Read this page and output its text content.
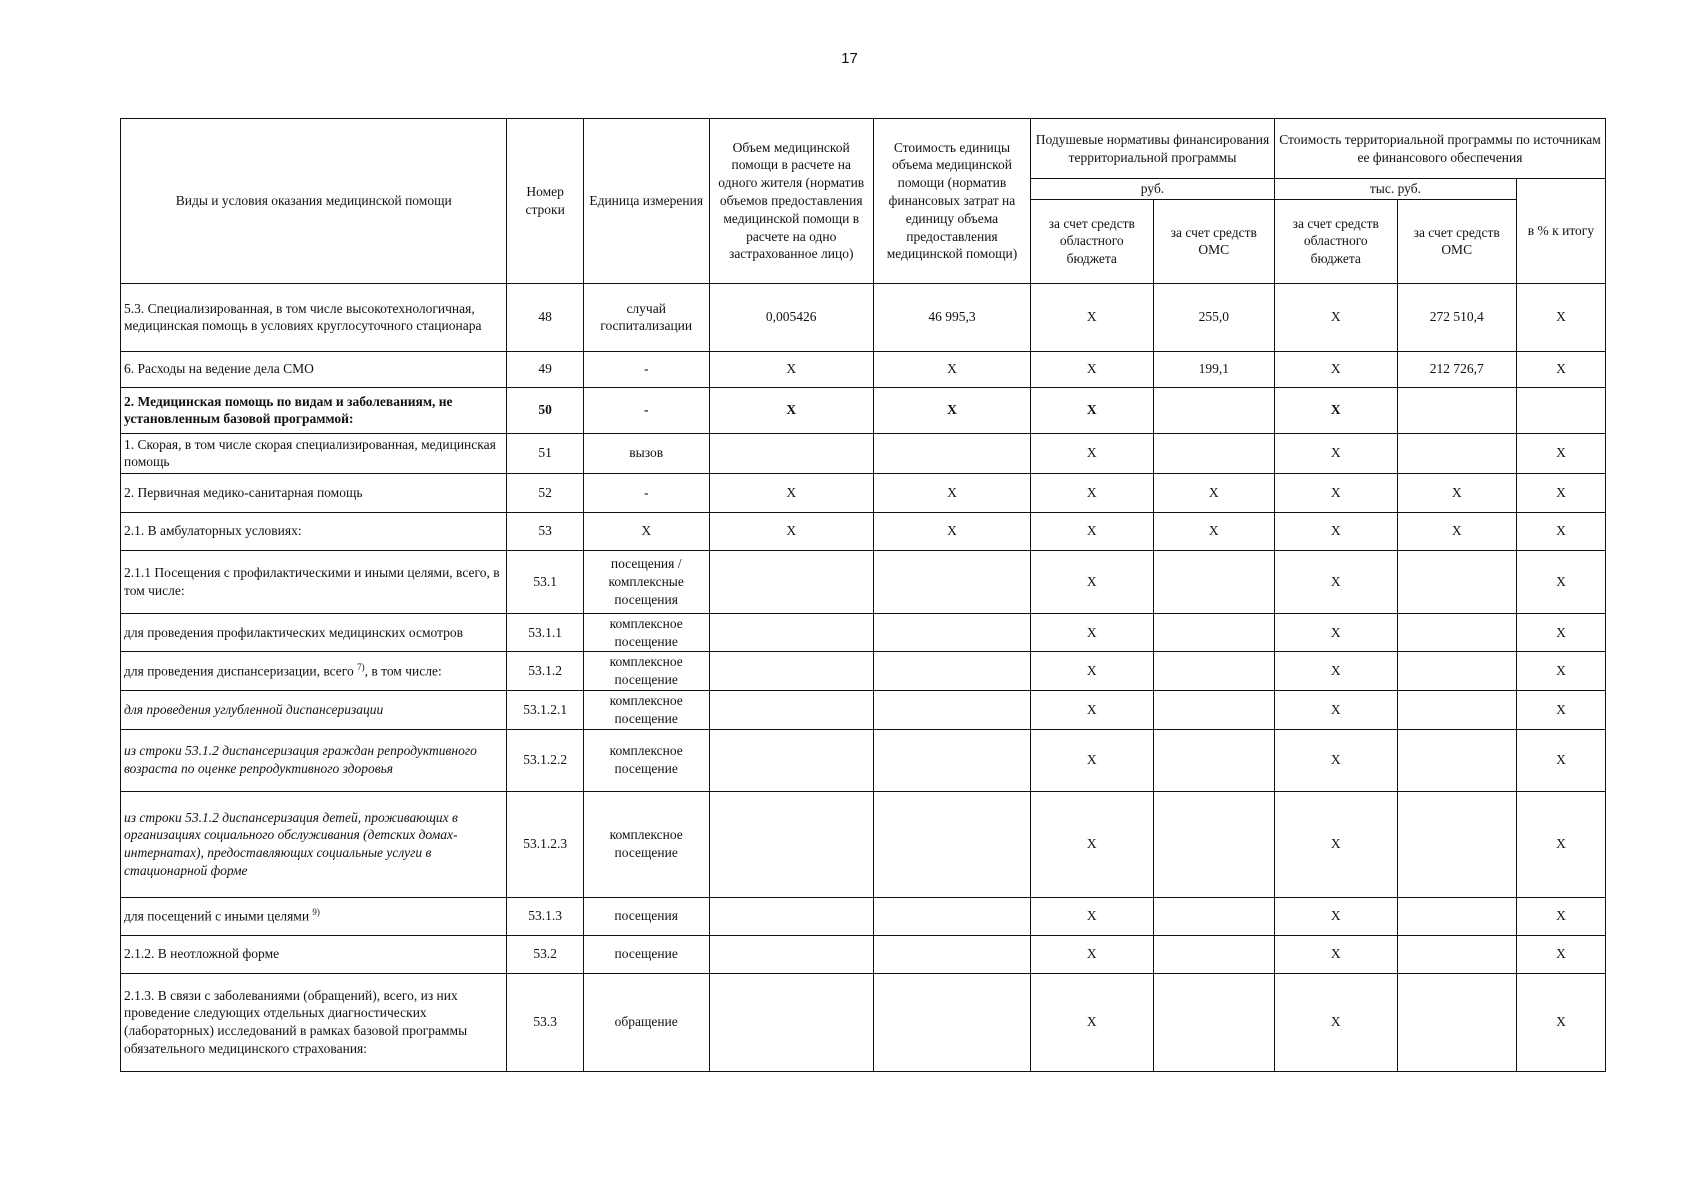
17
Виды и условия оказания медицинской помощи	Номер строки	Единица измерения	Объем медицинской помощи в расчете на одного жителя (норматив объемов предоставления медицинской помощи в расчете на одно застрахованное лицо)	Стоимость единицы объема медицинской помощи (норматив финансовых затрат на единицу объема предоставления медицинской помощи)	Подушевые нормативы финансирования территориальной программы		Стоимость территориальной программы по источникам ее финансового обеспечения		
					руб.		тыс. руб.		в % к итогу
					за счет средств областного бюджета	за счет средств ОМС	за счет средств областного бюджета	за счет средств ОМС	
5.3. Специализированная, в том числе высокотехнологичная, медицинская помощь в условиях круглосуточного стационара	48	случай госпитализации	0,005426	46 995,3	X	255,0	X	272 510,4	X
6. Расходы на ведение дела СМО	49	-	X	X	X	199,1	X	212 726,7	X
2. Медицинская помощь по видам и заболеваниям, не установленным базовой программой:	50	-	X	X	X		X		
1. Скорая, в том числе скорая специализированная, медицинская помощь	51	вызов			X		X		X
2. Первичная медико-санитарная помощь	52	-	X	X	X	X	X	X	X
2.1. В амбулаторных условиях:	53	X	X	X	X	X	X	X	X
2.1.1 Посещения с профилактическими и иными целями, всего, в том числе:	53.1	посещения / комплексные посещения			X		X		X
для проведения профилактических медицинских осмотров	53.1.1	комплексное посещение			X		X		X
для проведения диспансеризации, всего $^{7)}$, в том числе:	53.1.2	комплексное посещение			X		X		X
для проведения углубленной диспансеризации	53.1.2.1	комплексное посещение			X		X		X
из строки 53.1.2 диспансеризация граждан репродуктивного возраста по оценке репродуктивного здоровья	53.1.2.2	комплексное посещение			X		X		X
из строки 53.1.2 диспансеризация детей, проживающих в организациях социального обслуживания (детских домах-интернатах), предоставляющих социальные услуги в стационарной форме	53.1.2.3	комплексное посещение			X		X		X
для посещений с иными целями $^{9)}$	53.1.3	посещения			X		X		X
2.1.2. В неотложной форме	53.2	посещение			X		X		X
2.1.3. В связи с заболеваниями (обращений), всего, из них проведение следующих отдельных диагностических (лабораторных) исследований в рамках базовой программы обязательного медицинского страхования:	53.3	обращение			X		X		X
